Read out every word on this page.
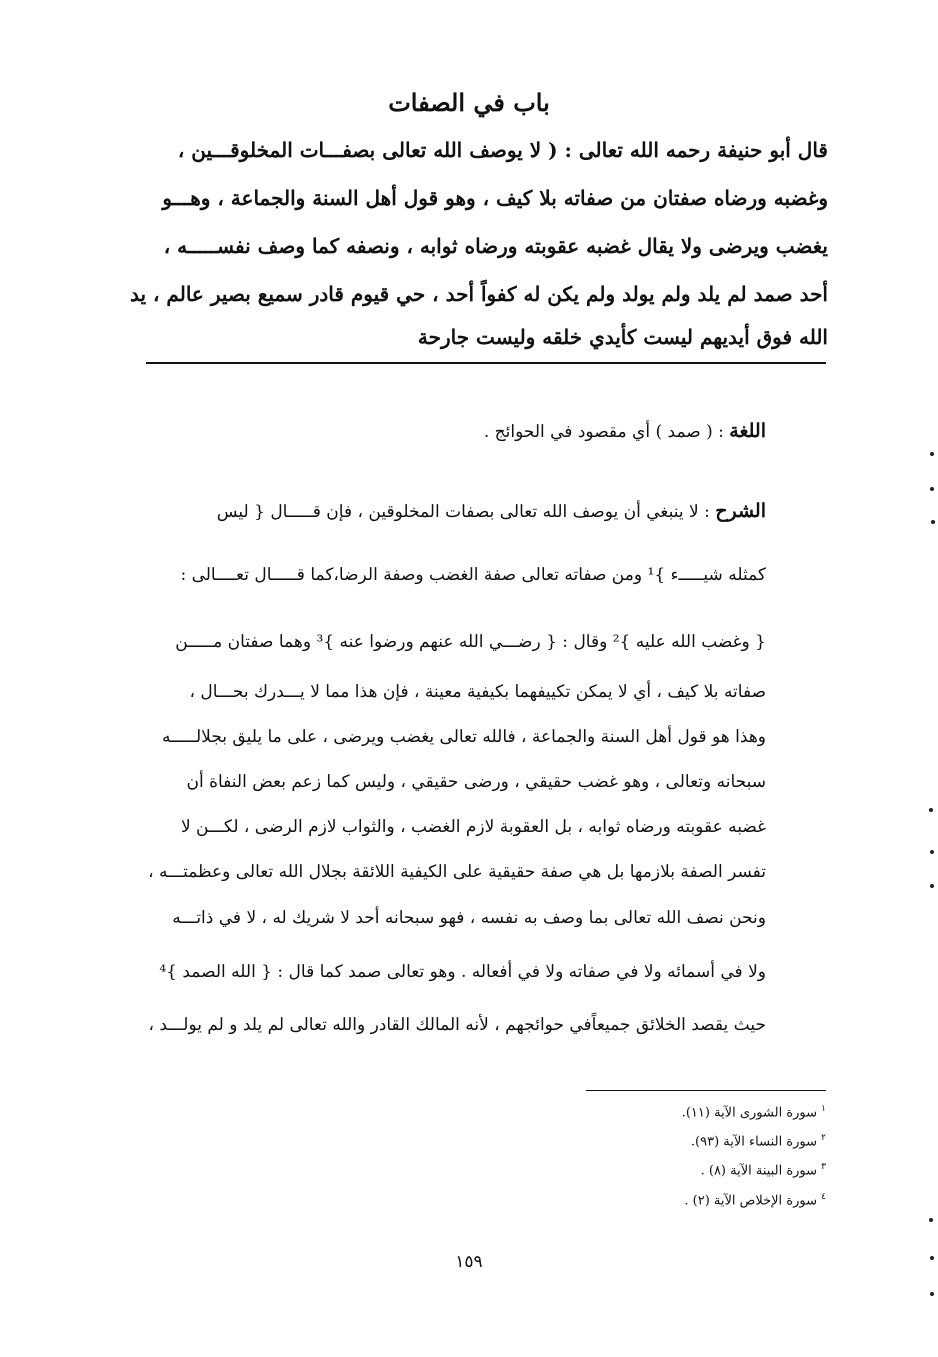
باب في الصفات
قال أبو حنيفة رحمه الله تعالى : ( لا يوصف الله تعالى بصفـــات المخلوقـــين ،
وغضبه ورضاه صفتان من صفاته بلا كيف ، وهو قول أهل السنة والجماعة ، وهـــو
يغضب ويرضى ولا يقال غضبه عقوبته ورضاه ثوابه ، ونصفه كما وصف نفســـــه ،
أحد صمد لم يلد ولم يولد ولم يكن له كفواً أحد ، حي قيوم قادر سميع بصير عالم ، يد
الله فوق أيديهم ليست كأيدي خلقه وليست جارحة
اللغة : ( صمد ) أي مقصود في الحوائج .
الشرح : لا ينبغي أن يوصف الله تعالى بصفات المخلوقين ، فإن قـــــال { ليس
كمثله شيـــــء }¹ ومن صفاته تعالى صفة الغضب وصفة الرضا،كما قـــــال تعــــالى :
{ وغضب الله عليه }² وقال : { رضـــي الله عنهم ورضوا عنه }³ وهما صفتان مـــــن
صفاته بلا كيف ، أي لا يمكن تكييفهما بكيفية معينة ، فإن هذا مما لا يـــدرك بحـــال ،
وهذا هو قول أهل السنة والجماعة ، فالله تعالى يغضب ويرضى ، على ما يليق بجلالـــــه
سبحانه وتعالى ، وهو غضب حقيقي ، ورضى حقيقي ، وليس كما زعم بعض النفاة أن
غضبه عقوبته ورضاه ثوابه ، بل العقوبة لازم الغضب ، والثواب لازم الرضى ، لكـــن لا
تفسر الصفة بلازمها بل هي صفة حقيقية على الكيفية اللائقة بجلال الله تعالى وعظمتـــه ،
ونحن نصف الله تعالى بما وصف به نفسه ، فهو سبحانه أحد لا شريك له ، لا في ذاتـــه
ولا في أسمائه ولا في صفاته ولا في أفعاله . وهو تعالى صمد كما قال : { الله الصمد }⁴
حيث يقصد الخلائق جميعاًفي حوائجهم ، لأنه المالك القادر والله تعالى لم يلد و لم يولـــد ،
$^١$ سورة الشورى الآية (١١).
$^٢$ سورة النساء الآية (٩٣).
$^٣$ سورة البينة الآية (٨) .
$^٤$ سورة الإخلاص الآية (٢) .
١٥٩
